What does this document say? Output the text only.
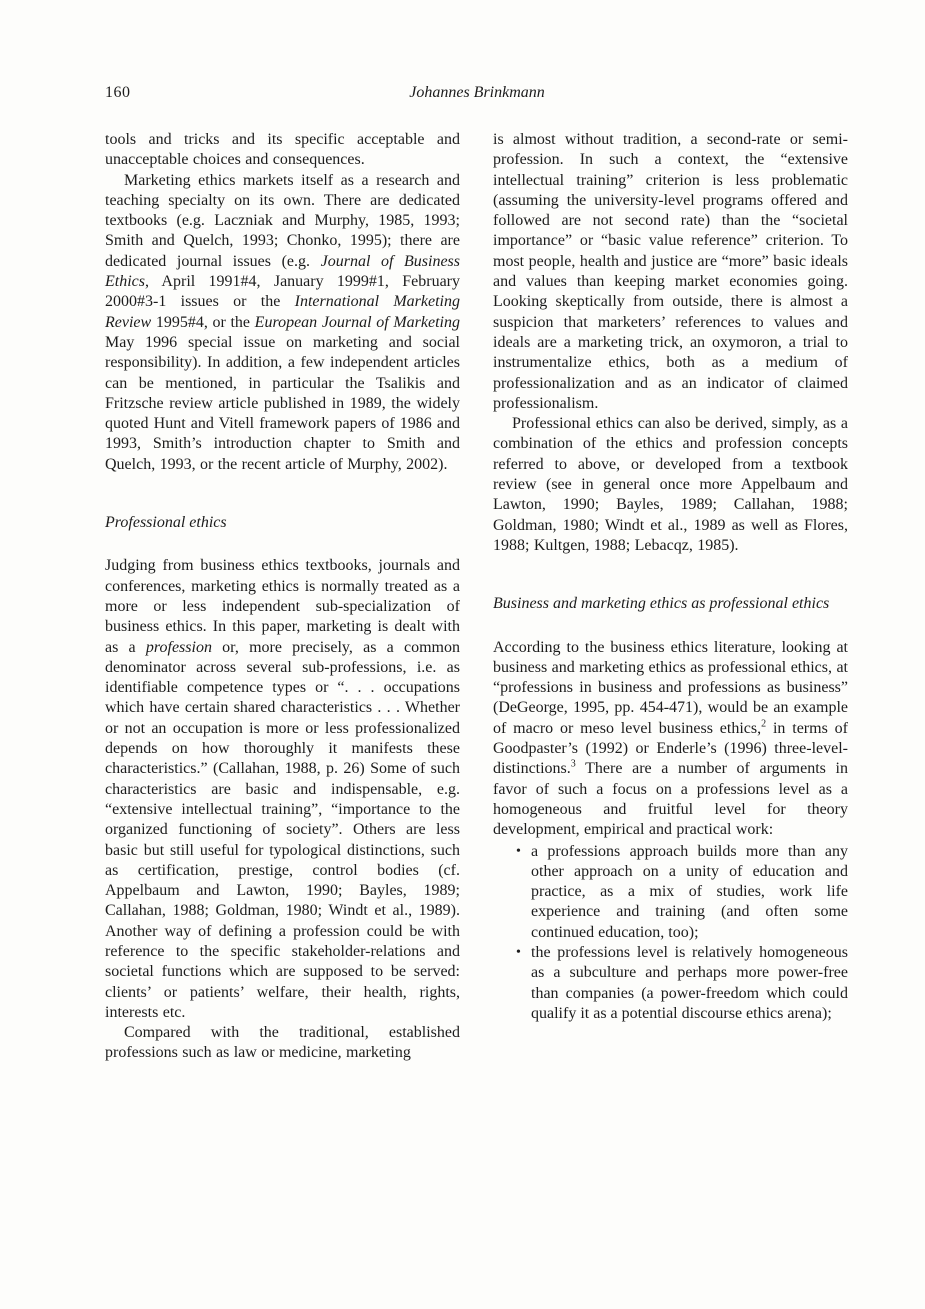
160	Johannes Brinkmann

tools and tricks and its specific acceptable and unacceptable choices and consequences.

Marketing ethics markets itself as a research and teaching specialty on its own. There are dedicated textbooks (e.g. Laczniak and Murphy, 1985, 1993; Smith and Quelch, 1993; Chonko, 1995); there are dedicated journal issues (e.g. Journal of Business Ethics, April 1991#4, January 1999#1, February 2000#3-1 issues or the International Marketing Review 1995#4, or the European Journal of Marketing May 1996 special issue on marketing and social responsibility). In addition, a few independent articles can be mentioned, in particular the Tsalikis and Fritzsche review article published in 1989, the widely quoted Hunt and Vitell framework papers of 1986 and 1993, Smith’s introduction chapter to Smith and Quelch, 1993, or the recent article of Murphy, 2002).

Professional ethics

Judging from business ethics textbooks, journals and conferences, marketing ethics is normally treated as a more or less independent sub-specialization of business ethics. In this paper, marketing is dealt with as a profession or, more precisely, as a common denominator across several sub-professions, i.e. as identifiable competence types or “. . . occupations which have certain shared characteristics . . . Whether or not an occupation is more or less professionalized depends on how thoroughly it manifests these characteristics.” (Callahan, 1988, p. 26) Some of such characteristics are basic and indispensable, e.g. “extensive intellectual training”, “importance to the organized functioning of society”. Others are less basic but still useful for typological distinctions, such as certification, prestige, control bodies (cf. Appelbaum and Lawton, 1990; Bayles, 1989; Callahan, 1988; Goldman, 1980; Windt et al., 1989). Another way of defining a profession could be with reference to the specific stakeholder-relations and societal functions which are supposed to be served: clients’ or patients’ welfare, their health, rights, interests etc.

Compared with the traditional, established professions such as law or medicine, marketing

is almost without tradition, a second-rate or semi-profession. In such a context, the “extensive intellectual training” criterion is less problematic (assuming the university-level programs offered and followed are not second rate) than the “societal importance” or “basic value reference” criterion. To most people, health and justice are “more” basic ideals and values than keeping market economies going. Looking skeptically from outside, there is almost a suspicion that marketers’ references to values and ideals are a marketing trick, an oxymoron, a trial to instrumentalize ethics, both as a medium of professionalization and as an indicator of claimed professionalism.

Professional ethics can also be derived, simply, as a combination of the ethics and profession concepts referred to above, or developed from a textbook review (see in general once more Appelbaum and Lawton, 1990; Bayles, 1989; Callahan, 1988; Goldman, 1980; Windt et al., 1989 as well as Flores, 1988; Kultgen, 1988; Lebacqz, 1985).

Business and marketing ethics as professional ethics

According to the business ethics literature, looking at business and marketing ethics as professional ethics, at “professions in business and professions as business” (DeGeorge, 1995, pp. 454-471), would be an example of macro or meso level business ethics,$^2$ in terms of Goodpaster’s (1992) or Enderle’s (1996) three-level-distinctions.$^3$ There are a number of arguments in favor of such a focus on a professions level as a homogeneous and fruitful level for theory development, empirical and practical work:

• a professions approach builds more than any other approach on a unity of education and practice, as a mix of studies, work life experience and training (and often some continued education, too);
• the professions level is relatively homogeneous as a subculture and perhaps more power-free than companies (a power-freedom which could qualify it as a potential discourse ethics arena);
